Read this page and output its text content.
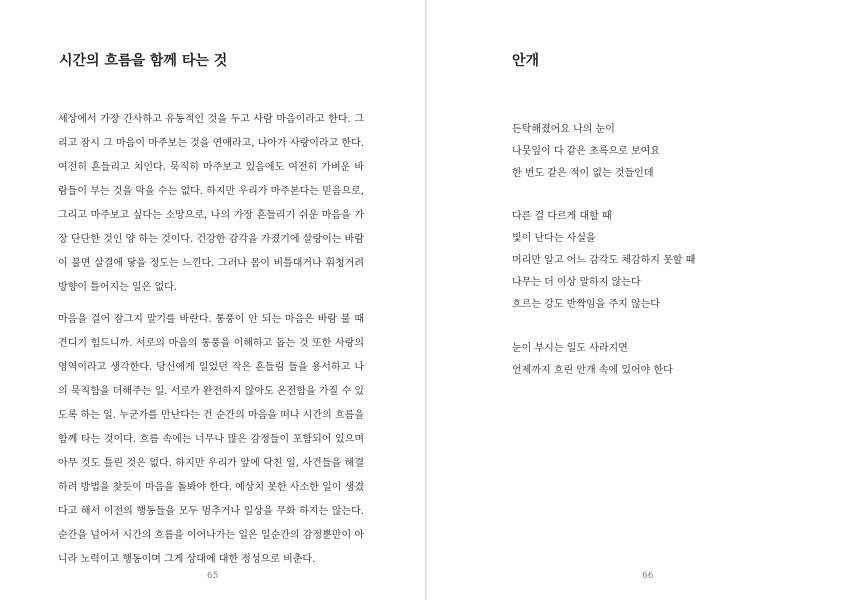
시간의 흐름을 함께 타는 것

세상에서 가장 간사하고 유동적인 것을 두고 사람 마음이라고 한다. 그리고 잠시 그 마음이 마주보는 것을 연애라고, 나아가 사랑이라고 한다. 여전히 흔들리고 치인다. 묵직히 마주보고 있음에도 여전히 가벼운 바람들이 부는 것을 막을 수는 없다. 하지만 우리가 마주본다는 믿음으로, 그리고 마주보고 싶다는 소망으로, 나의 가장 흔들리기 쉬운 마음을 가장 단단한 것인 양 하는 것이다. 건강한 감각을 가졌기에 살랑이는 바람이 불면 살결에 닿을 정도는 느낀다. 그러나 몸이 비틀대거나 휘청거려 방향이 틀어지는 일은 없다.

마음을 걸어 잠그지 말기를 바란다. 통풍이 안 되는 마음은 바람 불 때 견디기 힘드니까. 서로의 마음의 통풍을 이해하고 돕는 것 또한 사랑의 영역이라고 생각한다. 당신에게 일었던 작은 흔들림 들을 용서하고 나의 묵직함을 더해주는 일. 서로가 완전하지 않아도 온전함을 가질 수 있도록 하는 일. 누군가를 만난다는 건 순간의 마음을 떠나 시간의 흐름을 함께 타는 것이다. 흐름 속에는 너무나 많은 감정들이 포함되어 있으며 아무 것도 틀린 것은 없다. 하지만 우리가 앞에 닥친 일, 사건들을 해결하려 방법을 찾듯이 마음을 돌봐야 한다. 예상치 못한 사소한 일이 생겼다고 해서 이전의 행동들을 모두 멈추거나 일상을 무화 하지는 않는다. 순간을 넘어서 시간의 흐름을 이어나가는 일은 일순간의 감정뿐만이 아니라 노력이고 행동이며 그게 상대에 대한 정성으로 비춘다.

65
안개
든탁해졌어요 나의 눈이
나뭇잎이 다 같은 초록으로 보여요
한 번도 같은 적이 없는 것들인데
다른 걸 다르게 대할 때
빛이 난다는 사실을
머리만 알고 어느 감각도 체감하지 못할 때
나무는 더 이상 말하지 않는다
흐르는 강도 반짝임을 주지 않는다
눈이 부시는 일도 사라지면
언제까지 흐린 안개 속에 있어야 한다
66
